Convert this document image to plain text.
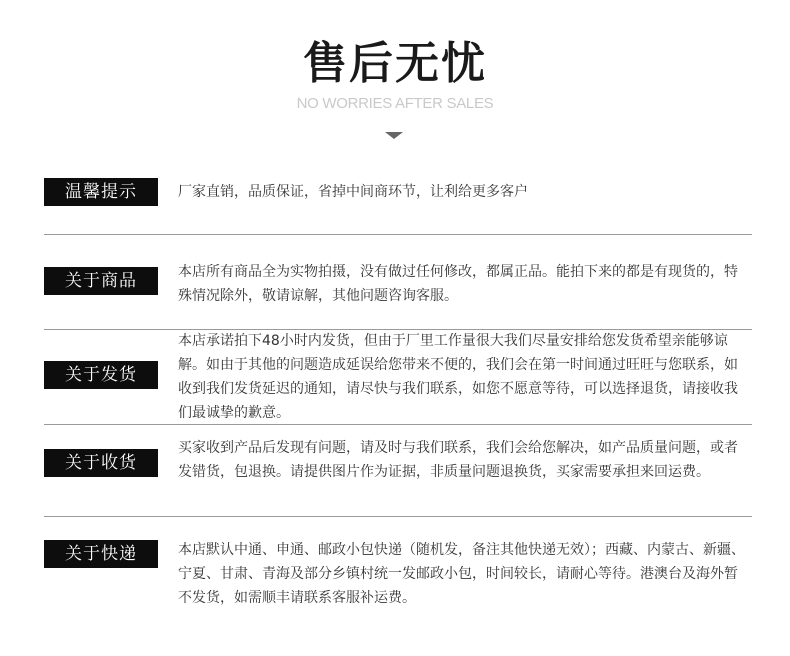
售后无忧
NO WORRIES AFTER SALES
温馨提示	厂家直销，品质保证，省掉中间商环节，让利给更多客户
关于商品	本店所有商品全为实物拍摄，没有做过任何修改，都属正品。能拍下来的都是有现货的，特殊情况除外，敬请谅解，其他问题咨询客服。
关于发货
本店承诺拍下48小时内发货，但由于厂里工作量很大我们尽量安排给您发货希望亲能够谅解。如由于其他的问题造成延误给您带来不便的，我们会在第一时间通过旺旺与您联系，如收到我们发货延迟的通知，请尽快与我们联系，如您不愿意等待，可以选择退货，请接收我们最诚挚的歉意。
关于收货
买家收到产品后发现有问题，请及时与我们联系，我们会给您解决，如产品质量问题，或者发错货，包退换。请提供图片作为证据，非质量问题退换货，买家需要承担来回运费。
关于快递	本店默认中通、申通、邮政小包快递（随机发，备注其他快递无效）；西藏、内蒙古、新疆、宁夏、甘肃、青海及部分乡镇村统一发邮政小包，时间较长，请耐心等待。港澳台及海外暂不发货，如需顺丰请联系客服补运费。
